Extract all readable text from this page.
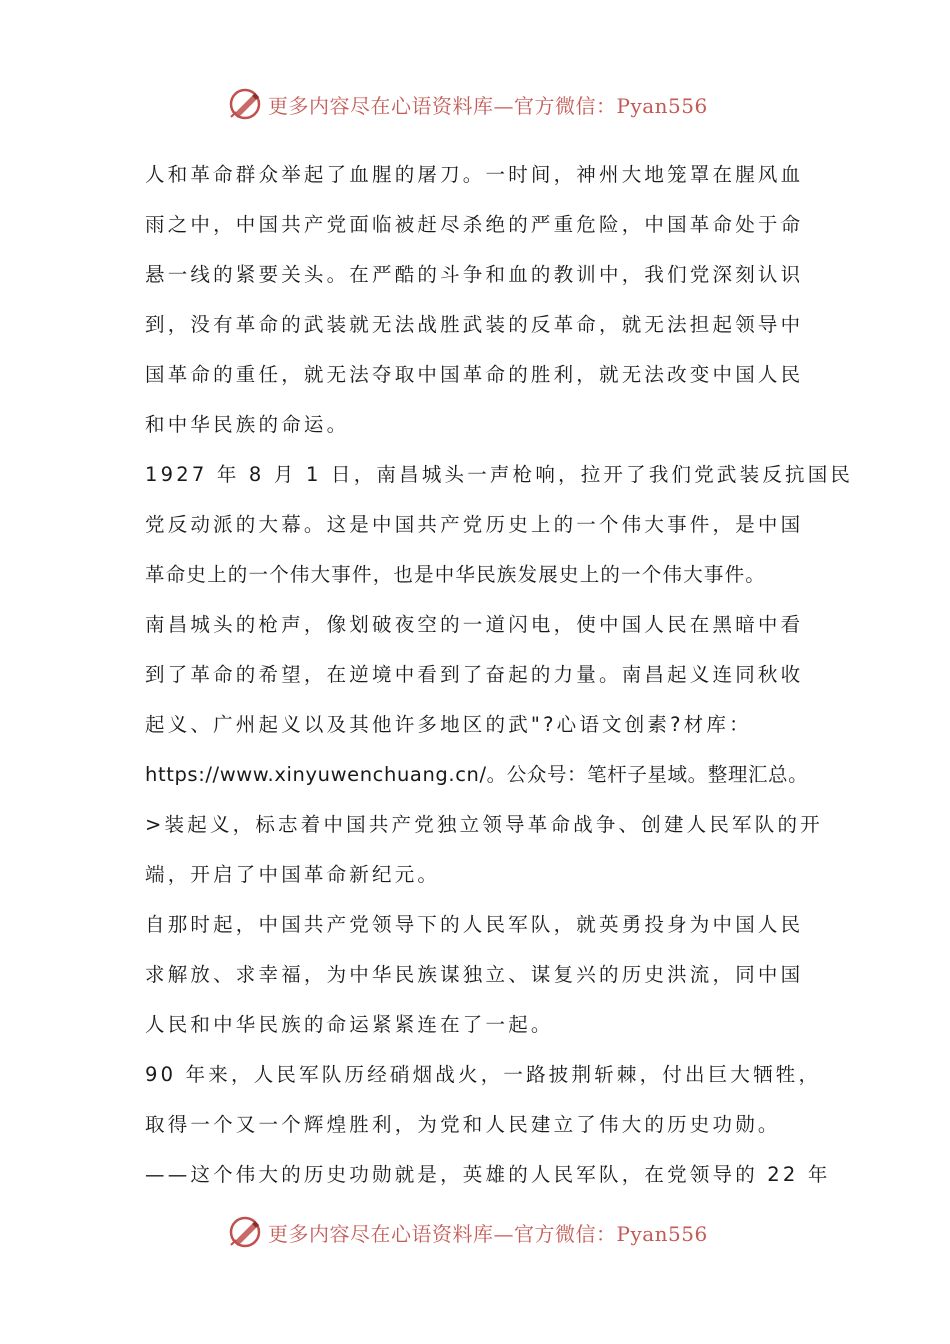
更多内容尽在心语资料库—官方微信：Pyan556
人和革命群众举起了血腥的屠刀。一时间，神州大地笼罩在腥风血
雨之中，中国共产党面临被赶尽杀绝的严重危险，中国革命处于命
悬一线的紧要关头。在严酷的斗争和血的教训中，我们党深刻认识
到，没有革命的武装就无法战胜武装的反革命，就无法担起领导中
国革命的重任，就无法夺取中国革命的胜利，就无法改变中国人民
和中华民族的命运。
1927 年 8 月 1 日，南昌城头一声枪响，拉开了我们党武装反抗国民
党反动派的大幕。这是中国共产党历史上的一个伟大事件，是中国
革命史上的一个伟大事件，也是中华民族发展史上的一个伟大事件。
南昌城头的枪声，像划破夜空的一道闪电，使中国人民在黑暗中看
到了革命的希望，在逆境中看到了奋起的力量。南昌起义连同秋收
起义、广州起义以及其他许多地区的武"?心语文创素?材库：
https://www.xinyuwenchuang.cn/。公众号：笔杆子星域。整理汇总。
>装起义，标志着中国共产党独立领导革命战争、创建人民军队的开
端，开启了中国革命新纪元。
自那时起，中国共产党领导下的人民军队，就英勇投身为中国人民
求解放、求幸福，为中华民族谋独立、谋复兴的历史洪流，同中国
人民和中华民族的命运紧紧连在了一起。
90 年来，人民军队历经硝烟战火，一路披荆斩棘，付出巨大牺牲，
取得一个又一个辉煌胜利，为党和人民建立了伟大的历史功勋。
——这个伟大的历史功勋就是，英雄的人民军队，在党领导的 22 年
更多内容尽在心语资料库—官方微信：Pyan556
